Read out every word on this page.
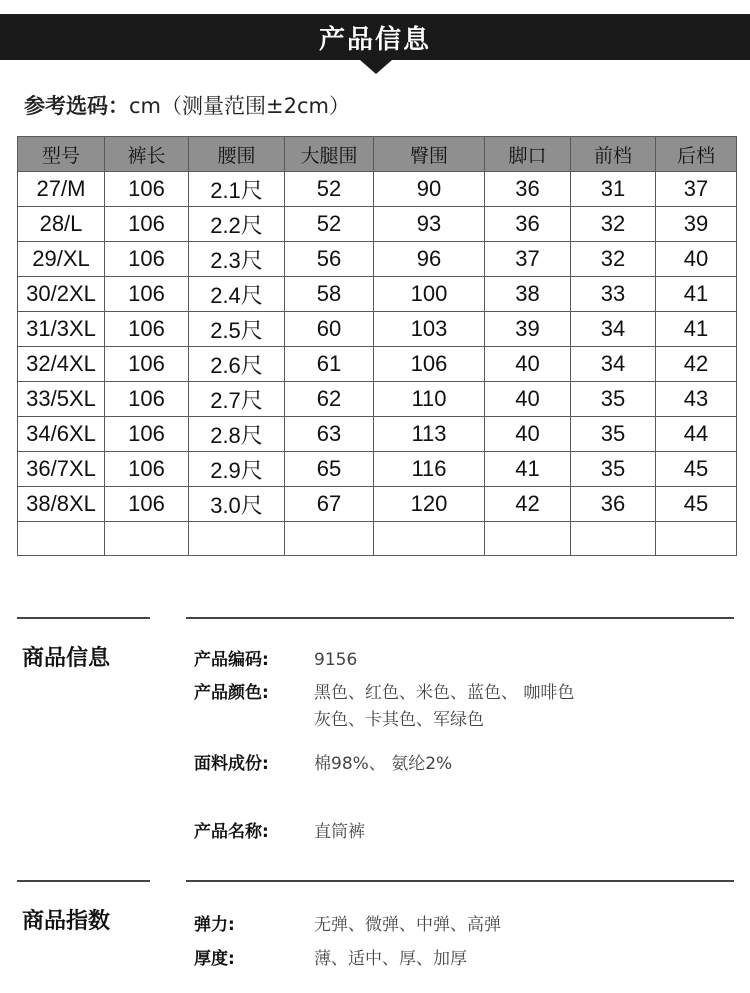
产品信息
参考选码：cm（测量范围±2cm）
型号	裤长	腰围	大腿围	臀围	脚口	前档	后档
27/M	106	2.1尺	52	90	36	31	37
28/L	106	2.2尺	52	93	36	32	39
29/XL	106	2.3尺	56	96	37	32	40
30/2XL	106	2.4尺	58	100	38	33	41
31/3XL	106	2.5尺	60	103	39	34	41
32/4XL	106	2.6尺	61	106	40	34	42
33/5XL	106	2.7尺	62	110	40	35	43
34/6XL	106	2.8尺	63	113	40	35	44
36/7XL	106	2.9尺	65	116	41	35	45
38/8XL	106	3.0尺	67	120	42	36	45

商品信息	产品编码:	9156
产品颜色:	黑色、红色、米色、蓝色、 咖啡色
灰色、卡其色、军绿色
面料成份:	棉98%、 氨纶2%
产品名称:	直筒裤
商品指数	弹力:	无弹、微弹、中弹、高弹
厚度:	薄、适中、厚、加厚
